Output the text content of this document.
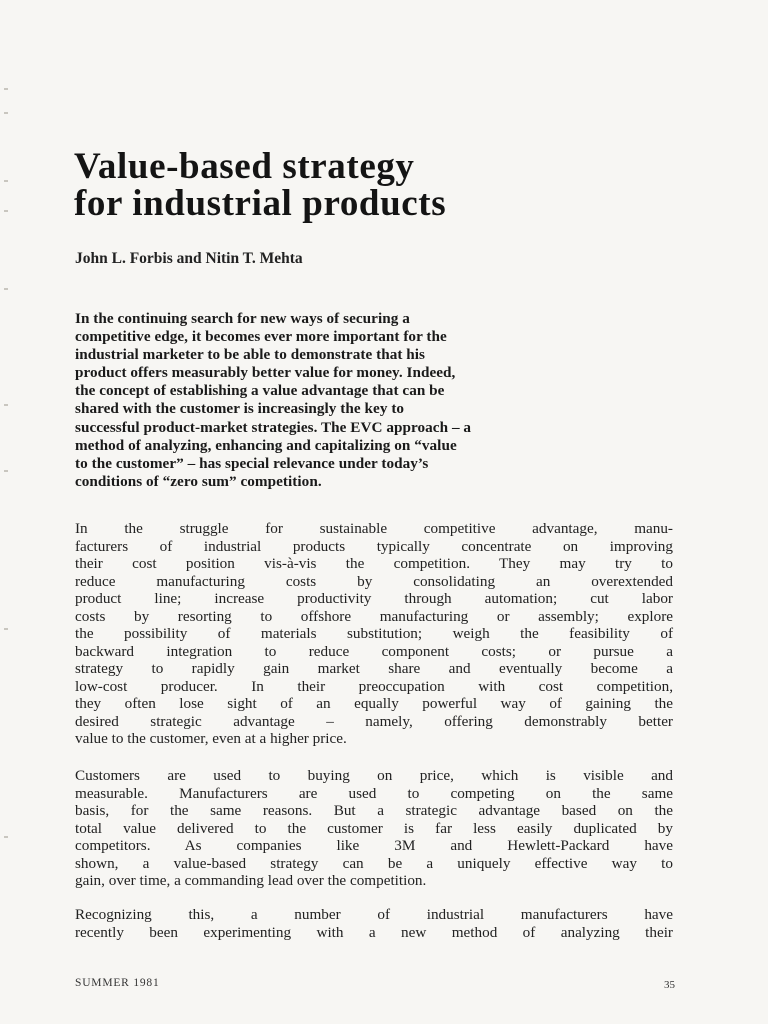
Value-based strategy
for industrial products

John L. Forbis and Nitin T. Mehta

In the continuing search for new ways of securing a
competitive edge, it becomes ever more important for the
industrial marketer to be able to demonstrate that his
product offers measurably better value for money. Indeed,
the concept of establishing a value advantage that can be
shared with the customer is increasingly the key to
successful product-market strategies. The EVC approach – a
method of analyzing, enhancing and capitalizing on “value
to the customer” – has special relevance under today’s
conditions of “zero sum” competition.
In the struggle for sustainable competitive advantage, manu-
facturers of industrial products typically concentrate on improving
their cost position vis-à-vis the competition. They may try to
reduce manufacturing costs by consolidating an overextended
product line; increase productivity through automation; cut labor
costs by resorting to offshore manufacturing or assembly; explore
the possibility of materials substitution; weigh the feasibility of
backward integration to reduce component costs; or pursue a
strategy to rapidly gain market share and eventually become a
low-cost producer. In their preoccupation with cost competition,
they often lose sight of an equally powerful way of gaining the
desired strategic advantage – namely, offering demonstrably better
value to the customer, even at a higher price.
Customers are used to buying on price, which is visible and
measurable. Manufacturers are used to competing on the same
basis, for the same reasons. But a strategic advantage based on the
total value delivered to the customer is far less easily duplicated by
competitors. As companies like 3M and Hewlett-Packard have
shown, a value-based strategy can be a uniquely effective way to
gain, over time, a commanding lead over the competition.
Recognizing this, a number of industrial manufacturers have
recently been experimenting with a new method of analyzing their
SUMMER 1981	35
